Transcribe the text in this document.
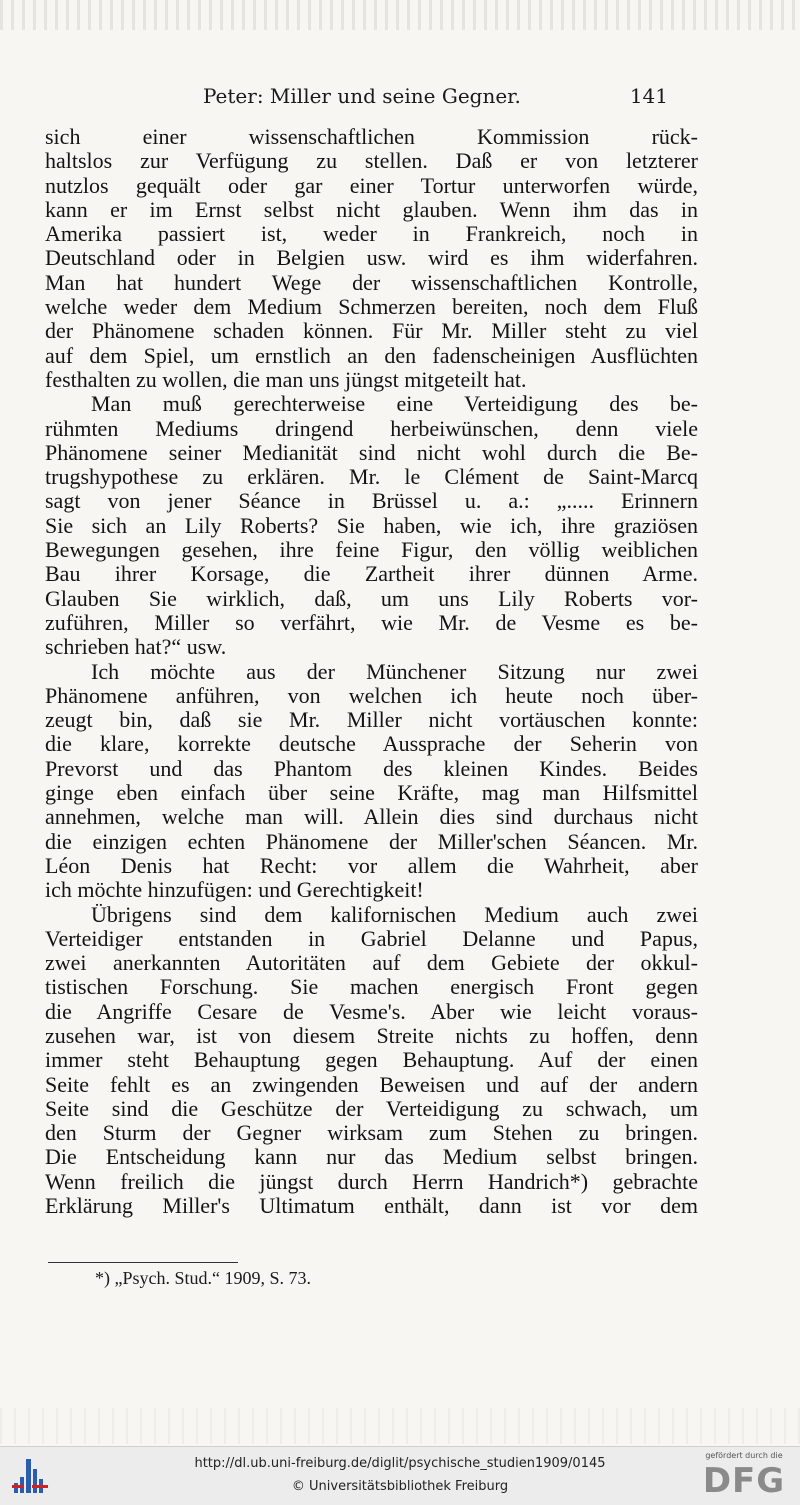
Peter: Miller und seine Gegner.	141
sich einer wissenschaftlichen Kommission rück-
haltslos zur Verfügung zu stellen. Daß er von letzterer
nutzlos gequält oder gar einer Tortur unterworfen würde,
kann er im Ernst selbst nicht glauben. Wenn ihm das in
Amerika passiert ist, weder in Frankreich, noch in
Deutschland oder in Belgien usw. wird es ihm widerfahren.
Man hat hundert Wege der wissenschaftlichen Kontrolle,
welche weder dem Medium Schmerzen bereiten, noch dem Fluß
der Phänomene schaden können. Für Mr. Miller steht zu viel
auf dem Spiel, um ernstlich an den fadenscheinigen Ausflüchten
festhalten zu wollen, die man uns jüngst mitgeteilt hat.
Man muß gerechterweise eine Verteidigung des be-
rühmten Mediums dringend herbeiwünschen, denn viele
Phänomene seiner Medianität sind nicht wohl durch die Be-
trugshypothese zu erklären. Mr. le Clément de Saint-Marcq
sagt von jener Séance in Brüssel u. a.: „..... Erinnern
Sie sich an Lily Roberts? Sie haben, wie ich, ihre graziösen
Bewegungen gesehen, ihre feine Figur, den völlig weiblichen
Bau ihrer Korsage, die Zartheit ihrer dünnen Arme.
Glauben Sie wirklich, daß, um uns Lily Roberts vor-
zuführen, Miller so verfährt, wie Mr. de Vesme es be-
schrieben hat?“ usw.
Ich möchte aus der Münchener Sitzung nur zwei
Phänomene anführen, von welchen ich heute noch über-
zeugt bin, daß sie Mr. Miller nicht vortäuschen konnte:
die klare, korrekte deutsche Aussprache der Seherin von
Prevorst und das Phantom des kleinen Kindes. Beides
ginge eben einfach über seine Kräfte, mag man Hilfsmittel
annehmen, welche man will. Allein dies sind durchaus nicht
die einzigen echten Phänomene der Miller'schen Séancen. Mr.
Léon Denis hat Recht: vor allem die Wahrheit, aber
ich möchte hinzufügen: und Gerechtigkeit!
Übrigens sind dem kalifornischen Medium auch zwei
Verteidiger entstanden in Gabriel Delanne und Papus,
zwei anerkannten Autoritäten auf dem Gebiete der okkul-
tistischen Forschung. Sie machen energisch Front gegen
die Angriffe Cesare de Vesme's. Aber wie leicht voraus-
zusehen war, ist von diesem Streite nichts zu hoffen, denn
immer steht Behauptung gegen Behauptung. Auf der einen
Seite fehlt es an zwingenden Beweisen und auf der andern
Seite sind die Geschütze der Verteidigung zu schwach, um
den Sturm der Gegner wirksam zum Stehen zu bringen.
Die Entscheidung kann nur das Medium selbst bringen.
Wenn freilich die jüngst durch Herrn Handrich*) gebrachte
Erklärung Miller's Ultimatum enthält, dann ist vor dem
*) „Psych. Stud.“ 1909, S. 73.
http://dl.ub.uni-freiburg.de/diglit/psychische_studien1909/0145
© Universitätsbibliothek Freiburg
gefördert durch die
DFG
